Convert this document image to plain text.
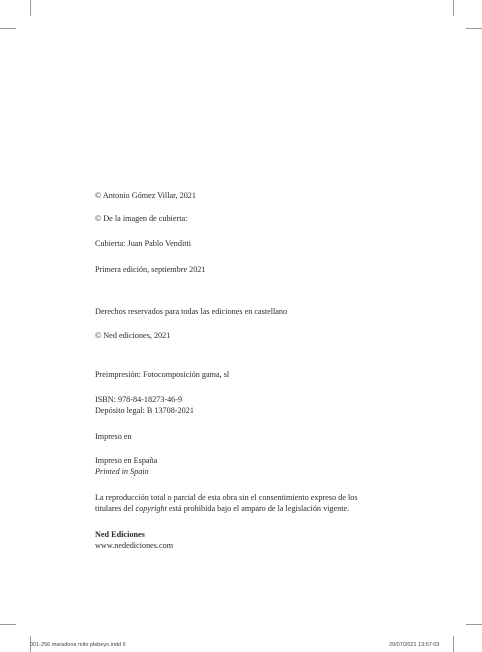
© Antonio Gómez Villar, 2021

© De la imagen de cubierta:

Cubierta: Juan Pablo Venditti

Primera edición, septiembre 2021

Derechos reservados para todas las ediciones en castellano

© Ned ediciones, 2021

Preimpresión: Fotocomposición gama, sl

ISBN: 978-84-18273-46-9

Depósito legal: B 13708-2021

Impreso en

Impreso en España

Printed in Spain

La reproducción total o parcial de esta obra sin el consentimiento expreso de los

titulares del copyright está prohibida bajo el amparo de la legislación vigente.

Ned Ediciones

www.nedediciones.com

001-256 maradona mito plebeyo.indd 6	29/07/2021 13:57:03
